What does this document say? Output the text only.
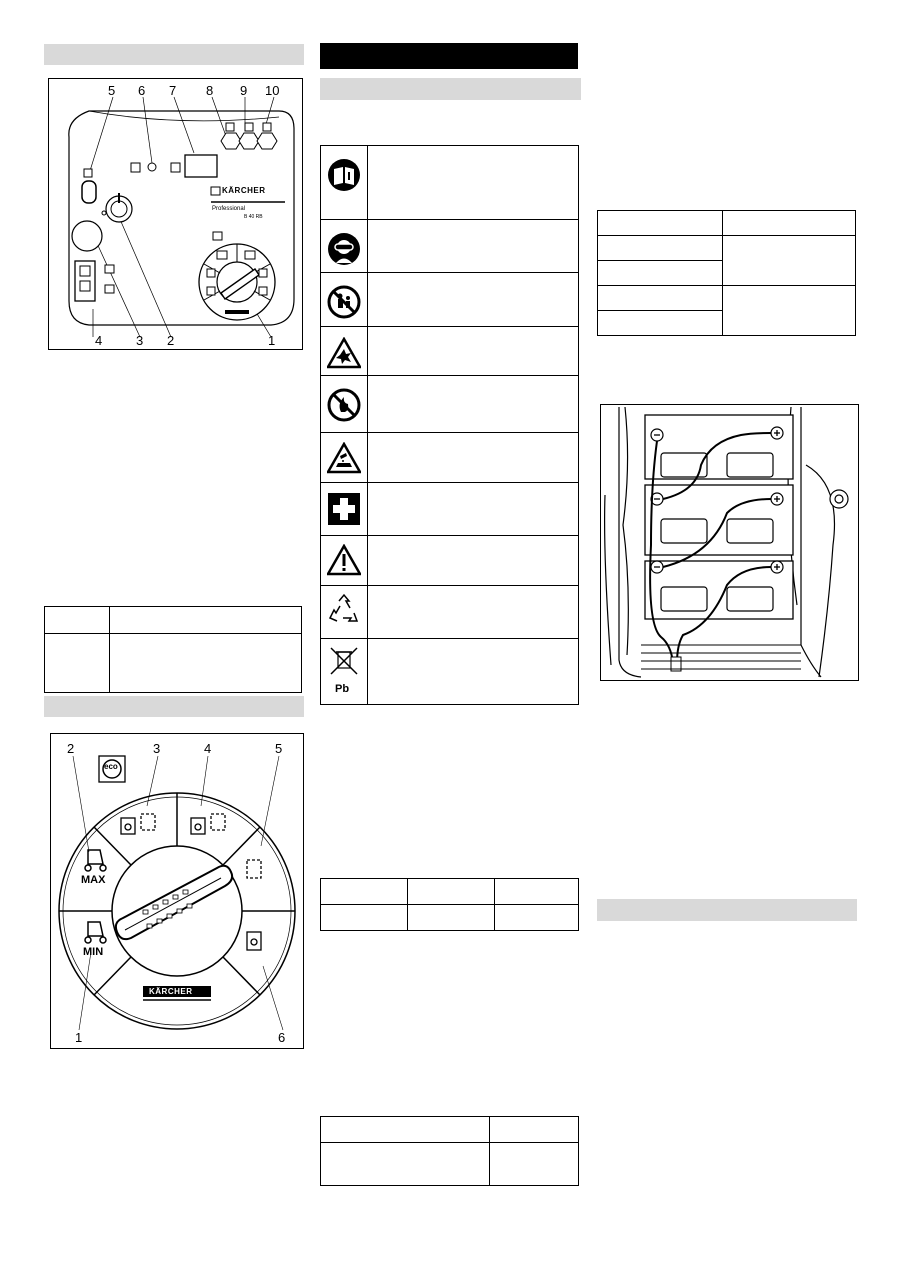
KÄRCHER
Professional
B 40 RB
5 6 7 8 9 10
4	3 2	1

eco
MAX
MIN
KÄRCHER
2	3	4	5
1	6
Pb
